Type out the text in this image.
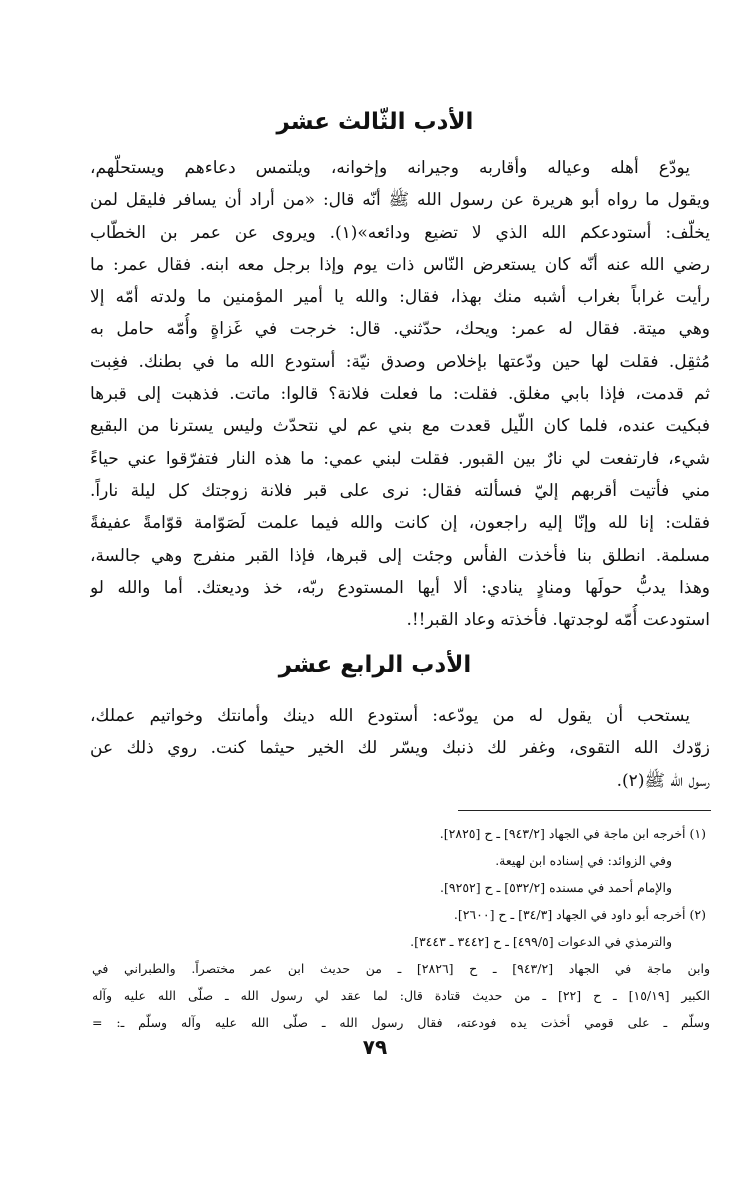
الأدب الثّالث عشر
يودّع أهله وعياله وأقاربه وجيرانه وإخوانه، ويلتمس دعاءهم ويستحلّهم،
ويقول ما رواه أبو هريرة عن رسول الله ﷺ أنّه قال: «من أراد أن يسافر فليقل لمن
يخلّف: أستودعكم الله الذي لا تضيع ودائعه»(١). ويروى عن عمر بن الخطّاب
رضي الله عنه أنّه كان يستعرض النّاس ذات يوم وإذا برجل معه ابنه. فقال عمر: ما
رأيت غراباً بغراب أشبه منك بهذا، فقال: والله يا أمير المؤمنين ما ولدته أمّه إلا
وهي ميتة. فقال له عمر: ويحك، حدّثني. قال: خرجت في غَزاةٍ وأُمّه حامل به
مُثقِل. فقلت لها حين ودّعتها بإخلاص وصدق نيّة: أستودع الله ما في بطنك. فغِبت
ثم قدمت، فإذا بابي مغلق. فقلت: ما فعلت فلانة؟ قالوا: ماتت. فذهبت إلى قبرها
فبكيت عنده، فلما كان اللّيل قعدت مع بني عم لي نتحدّث وليس يسترنا من البقيع
شيء، فارتفعت لي نارٌ بين القبور. فقلت لبني عمي: ما هذه النار فتفرّقوا عني حياءً
مني فأتيت أقربهم إليّ فسألته فقال: نرى على قبر فلانة زوجتك كل ليلة ناراً.
فقلت: إنا لله وإنّا إليه راجعون، إن كانت والله فيما علمت لَصَوّامة قوّامةً عفيفةً
مسلمة. انطلق بنا فأخذت الفأس وجئت إلى قبرها، فإذا القبر منفرج وهي جالسة،
وهذا يدبُّ حولَها ومنادٍ ينادي: ألا أيها المستودع ربّه، خذ وديعتك. أما والله لو
استودعت أُمّه لوجدتها. فأخذته وعاد القبر!!.
الأدب الرابع عشر
يستحب أن يقول له من يودّعه: أستودع الله دينك وأمانتك وخواتيم عملك،
زوّدك الله التقوى، وغفر لك ذنبك ويسّر لك الخير حيثما كنت. روي ذلك عن
رسول الله ﷺ(٢).
(١) أخرجه ابن ماجة في الجهاد [٩٤٣/٢] ـ ح [٢٨٢٥].
وفي الزوائد: في إسناده ابن لهيعة.
والإمام أحمد في مسنده [٥٣٢/٢] ـ ح [٩٢٥٢].
(٢) أخرجه أبو داود في الجهاد [٣٤/٣] ـ ح [٢٦٠٠].
والترمذي في الدعوات [٤٩٩/٥] ـ ح [٣٤٤٢ ـ ٣٤٤٣].
وابن ماجة في الجهاد [٩٤٣/٢] ـ ح [٢٨٢٦] ـ من حديث ابن عمر مختصراً. والطبراني في
الكبير [١٥/١٩] ـ ح [٢٢] ـ من حديث قتادة قال: لما عقد لي رسول الله ـ صلّى الله عليه وآله
وسلّم ـ على قومي أخذت يده فودعته، فقال رسول الله ـ صلّى الله عليه وآله وسلّم ـ: =
٧٩
